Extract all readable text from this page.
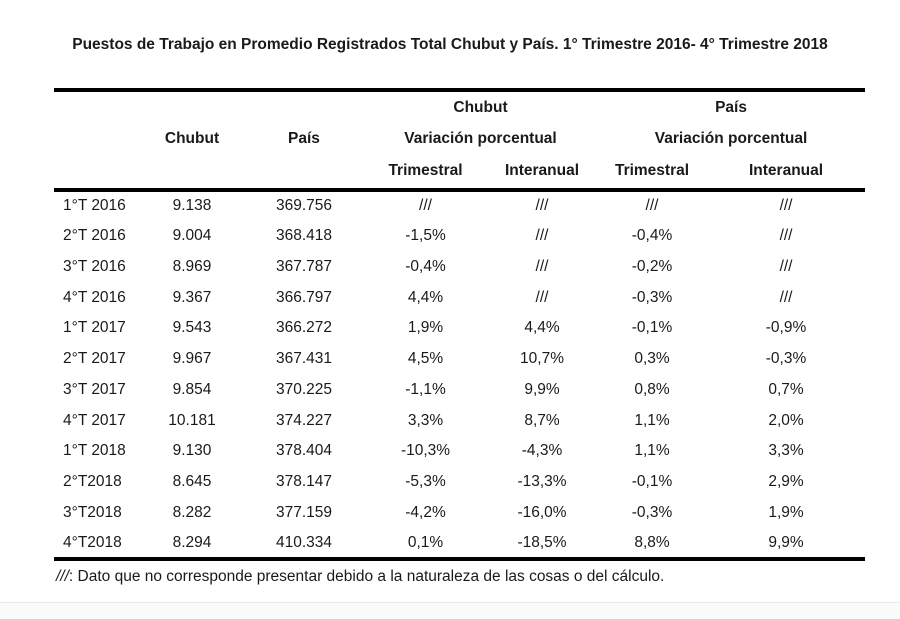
Puestos de Trabajo en Promedio Registrados Total Chubut y País. 1° Trimestre 2016- 4° Trimestre 2018
			Chubut		País	
	Chubut	País	Variación porcentual		Variación porcentual	
			Trimestral	Interanual	Trimestral	Interanual
1°T 2016	9.138	369.756	///	///	///	///
2°T 2016	9.004	368.418	-1,5%	///	-0,4%	///
3°T 2016	8.969	367.787	-0,4%	///	-0,2%	///
4°T 2016	9.367	366.797	4,4%	///	-0,3%	///
1°T 2017	9.543	366.272	1,9%	4,4%	-0,1%	-0,9%
2°T 2017	9.967	367.431	4,5%	10,7%	0,3%	-0,3%
3°T 2017	9.854	370.225	-1,1%	9,9%	0,8%	0,7%
4°T 2017	10.181	374.227	3,3%	8,7%	1,1%	2,0%
1°T 2018	9.130	378.404	-10,3%	-4,3%	1,1%	3,3%
2°T2018	8.645	378.147	-5,3%	-13,3%	-0,1%	2,9%
3°T2018	8.282	377.159	-4,2%	-16,0%	-0,3%	1,9%
4°T2018	8.294	410.334	0,1%	-18,5%	8,8%	9,9%
///: Dato que no corresponde presentar debido a la naturaleza de las cosas o del cálculo.
